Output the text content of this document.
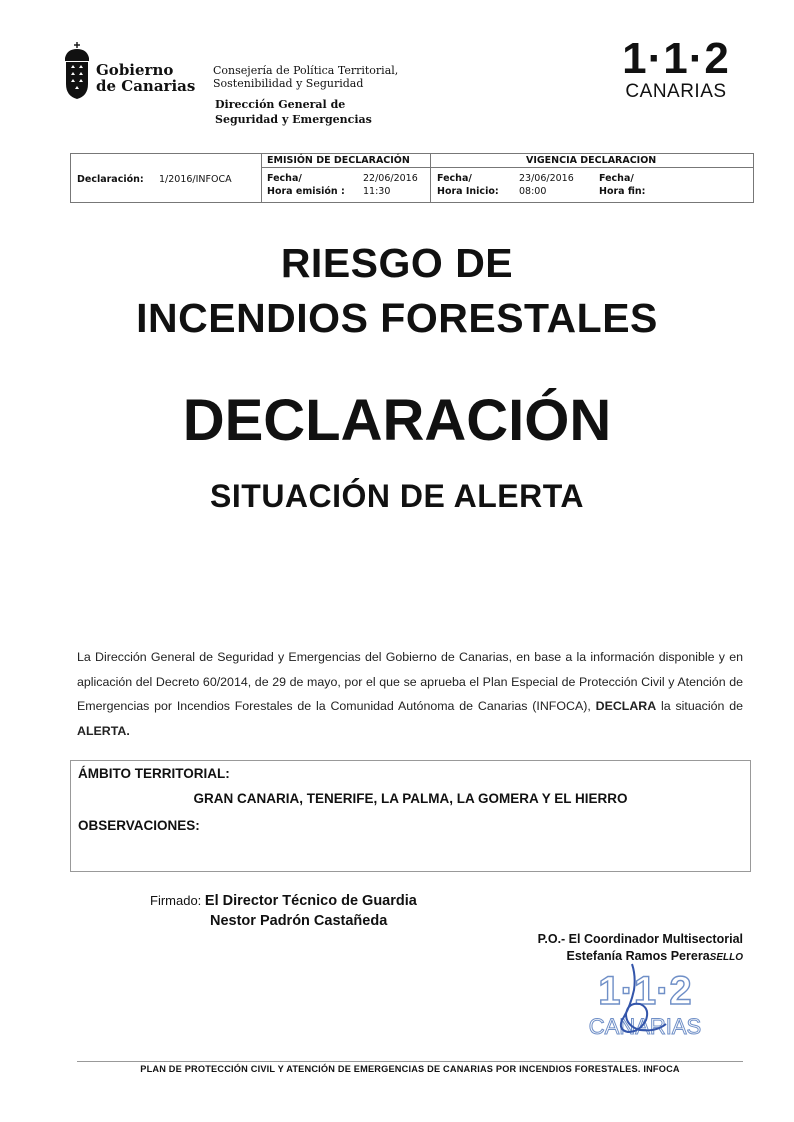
Gobierno
de Canarias
Consejería de Política Territorial,
Sostenibilidad y Seguridad
Dirección General de
Seguridad y Emergencias
1·1·2
CANARIAS
Declaración: 1/2016/INFOCA
EMISIÓN DE DECLARACIÓN
Fecha/	22/06/2016
Hora emisión : 11:30
VIGENCIA DECLARACION
Fecha/	23/06/2016
Hora Inicio: 08:00
Fecha/
Hora fin:
RIESGO DE
INCENDIOS FORESTALES
DECLARACIÓN
SITUACIÓN DE ALERTA
La Dirección General de Seguridad y Emergencias del Gobierno de Canarias, en base a la información disponible y en aplicación del Decreto 60/2014, de 29 de mayo, por el que se aprueba el Plan Especial de Protección Civil y Atención de Emergencias por Incendios Forestales de la Comunidad Autónoma de Canarias (INFOCA), DECLARA la situación de ALERTA.
ÁMBITO TERRITORIAL:
GRAN CANARIA, TENERIFE, LA PALMA, LA GOMERA Y EL HIERRO
OBSERVACIONES:
Firmado: El Director Técnico de Guardia
Nestor Padrón Castañeda
P.O.- El Coordinador Multisectorial
Estefanía Ramos PereraSELLO
1·1·2
CANARIAS
PLAN DE PROTECCIÓN CIVIL Y ATENCIÓN DE EMERGENCIAS DE CANARIAS POR INCENDIOS FORESTALES. INFOCA
